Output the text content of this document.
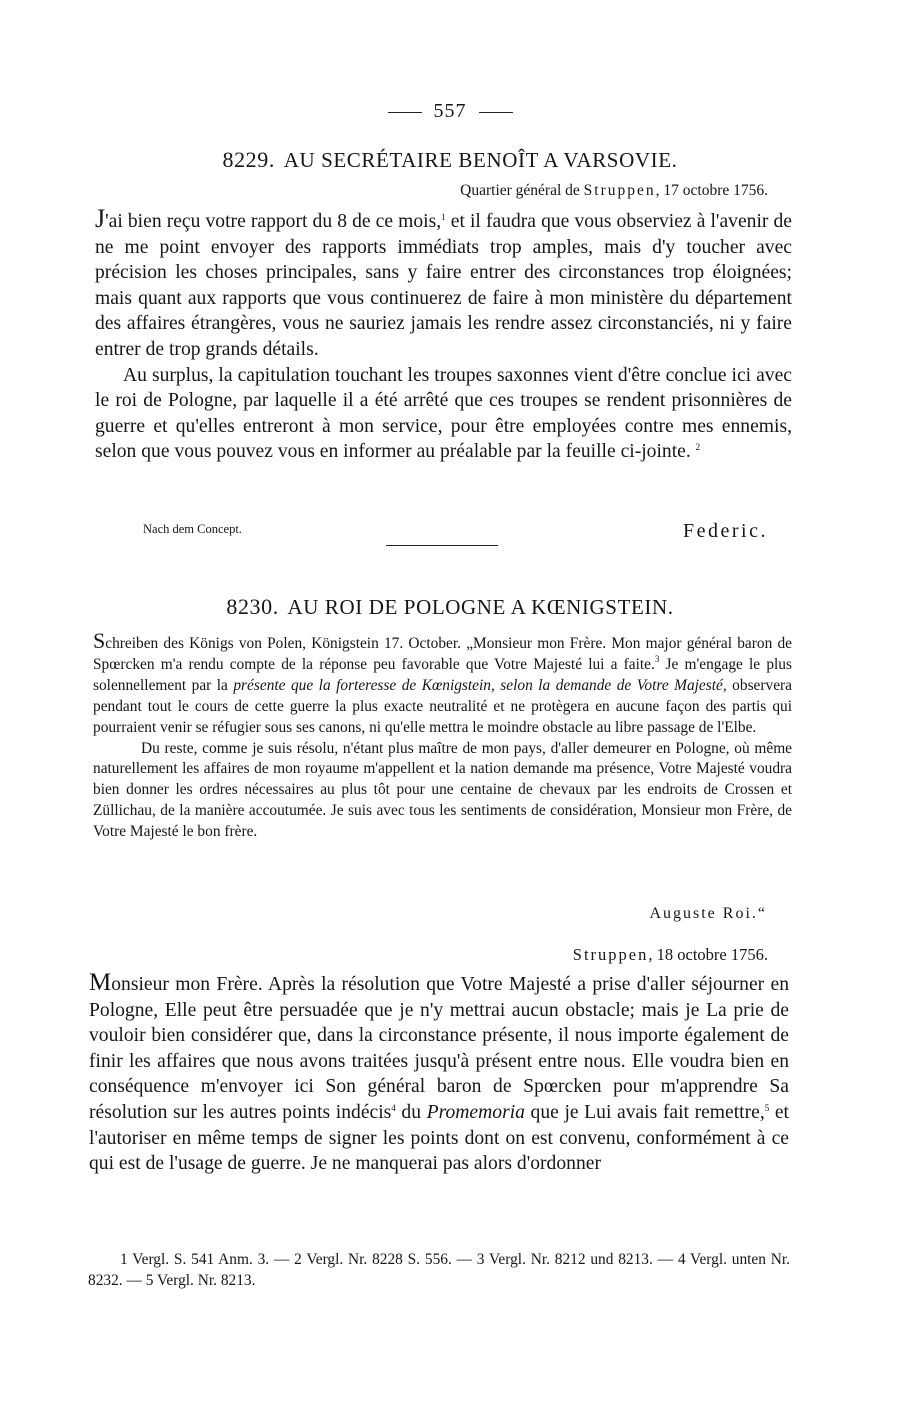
557
8229. AU SECRÉTAIRE BENOÎT A VARSOVIE.
Quartier général de Struppen, 17 octobre 1756.

J'ai bien reçu votre rapport du 8 de ce mois,$^1$ et il faudra que vous observiez à l'avenir de ne me point envoyer des rapports immédiats trop amples, mais d'y toucher avec précision les choses principales, sans y faire entrer des circonstances trop éloignées; mais quant aux rapports que vous continuerez de faire à mon ministère du département des affaires étrangères, vous ne sauriez jamais les rendre assez circonstanciés, ni y faire entrer de trop grands détails.

Au surplus, la capitulation touchant les troupes saxonnes vient d'être conclue ici avec le roi de Pologne, par laquelle il a été arrêté que ces troupes se rendent prisonnières de guerre et qu'elles entreront à mon service, pour être employées contre mes ennemis, selon que vous pouvez vous en informer au préalable par la feuille ci-jointe. $^2$

Nach dem Concept.	Federic.
8230. AU ROI DE POLOGNE A KŒNIGSTEIN.

Schreiben des Königs von Polen, Königstein 17. October. „Monsieur mon Frère. Mon major général baron de Spœrcken m'a rendu compte de la réponse peu favorable que Votre Majesté lui a faite.$^3$ Je m'engage le plus solennellement par la présente que la forteresse de Kœnigstein, selon la demande de Votre Majesté, observera pendant tout le cours de cette guerre la plus exacte neutralité et ne protègera en aucune façon des partis qui pourraient venir se réfugier sous ses canons, ni qu'elle mettra le moindre obstacle au libre passage de l'Elbe.

Du reste, comme je suis résolu, n'étant plus maître de mon pays, d'aller demeurer en Pologne, où même naturellement les affaires de mon royaume m'appellent et la nation demande ma présence, Votre Majesté voudra bien donner les ordres nécessaires au plus tôt pour une centaine de chevaux par les endroits de Crossen et Züllichau, de la manière accoutumée. Je suis avec tous les sentiments de considération, Monsieur mon Frère, de Votre Majesté le bon frère.

Auguste Roi.“
Struppen, 18 octobre 1756.

Monsieur mon Frère. Après la résolution que Votre Majesté a prise d'aller séjourner en Pologne, Elle peut être persuadée que je n'y mettrai aucun obstacle; mais je La prie de vouloir bien considérer que, dans la circonstance présente, il nous importe également de finir les affaires que nous avons traitées jusqu'à présent entre nous. Elle voudra bien en conséquence m'envoyer ici Son général baron de Spœrcken pour m'apprendre Sa résolution sur les autres points indécis$^4$ du Promemoria que je Lui avais fait remettre,$^5$ et l'autoriser en même temps de signer les points dont on est convenu, conformément à ce qui est de l'usage de guerre. Je ne manquerai pas alors d'ordonner

1 Vergl. S. 541 Anm. 3. — 2 Vergl. Nr. 8228 S. 556. — 3 Vergl. Nr. 8212 und 8213. — 4 Vergl. unten Nr. 8232. — 5 Vergl. Nr. 8213.
